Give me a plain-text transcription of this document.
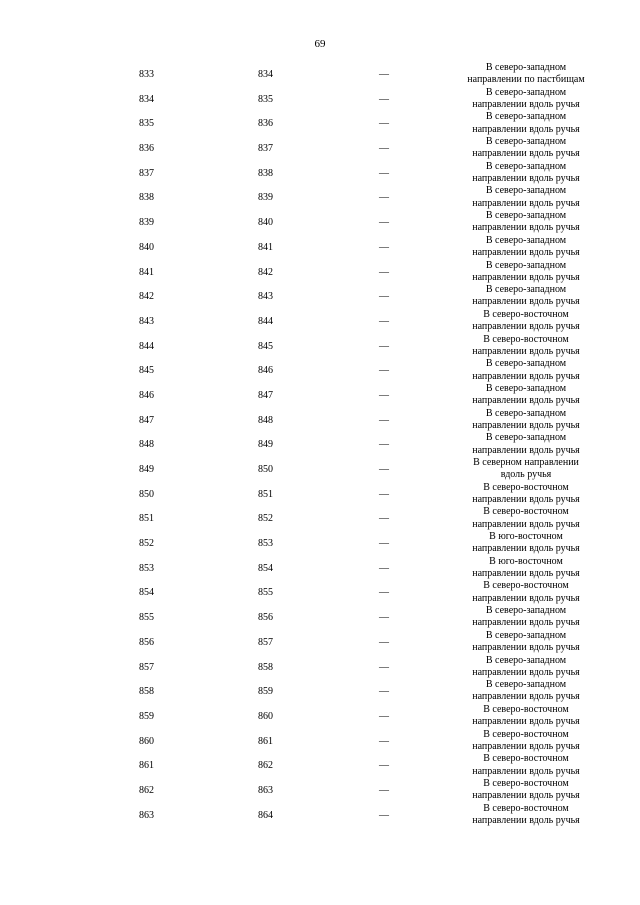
69
833	834	—
В северо-западном
направлении по пастбищам
834	835	—
В северо-западном
направлении вдоль ручья
835	836	—
В северо-западном
направлении вдоль ручья
836	837	—
В северо-западном
направлении вдоль ручья
837	838	—
В северо-западном
направлении вдоль ручья
838	839	—
В северо-западном
направлении вдоль ручья
839	840	—
В северо-западном
направлении вдоль ручья
840	841	—
В северо-западном
направлении вдоль ручья
841	842	—
В северо-западном
направлении вдоль ручья
842	843	—
В северо-западном
направлении вдоль ручья
843	844	—
В северо-восточном
направлении вдоль ручья
844	845	—
В северо-восточном
направлении вдоль ручья
845	846	—
В северо-западном
направлении вдоль ручья
846	847	—
В северо-западном
направлении вдоль ручья
847	848	—
В северо-западном
направлении вдоль ручья
848	849	—
В северо-западном
направлении вдоль ручья
849	850	—
В северном направлении
вдоль ручья
850	851	—
В северо-восточном
направлении вдоль ручья
851	852	—
В северо-восточном
направлении вдоль ручья
852	853	—
В юго-восточном
направлении вдоль ручья
853	854	—
В юго-восточном
направлении вдоль ручья
854	855	—
В северо-восточном
направлении вдоль ручья
855	856	—
В северо-западном
направлении вдоль ручья
856	857	—
В северо-западном
направлении вдоль ручья
857	858	—
В северо-западном
направлении вдоль ручья
858	859	—
В северо-западном
направлении вдоль ручья
859	860	—
В северо-восточном
направлении вдоль ручья
860	861	—
В северо-восточном
направлении вдоль ручья
861	862	—
В северо-восточном
направлении вдоль ручья
862	863	—
В северо-восточном
направлении вдоль ручья
863	864	—
В северо-восточном
направлении вдоль ручья
